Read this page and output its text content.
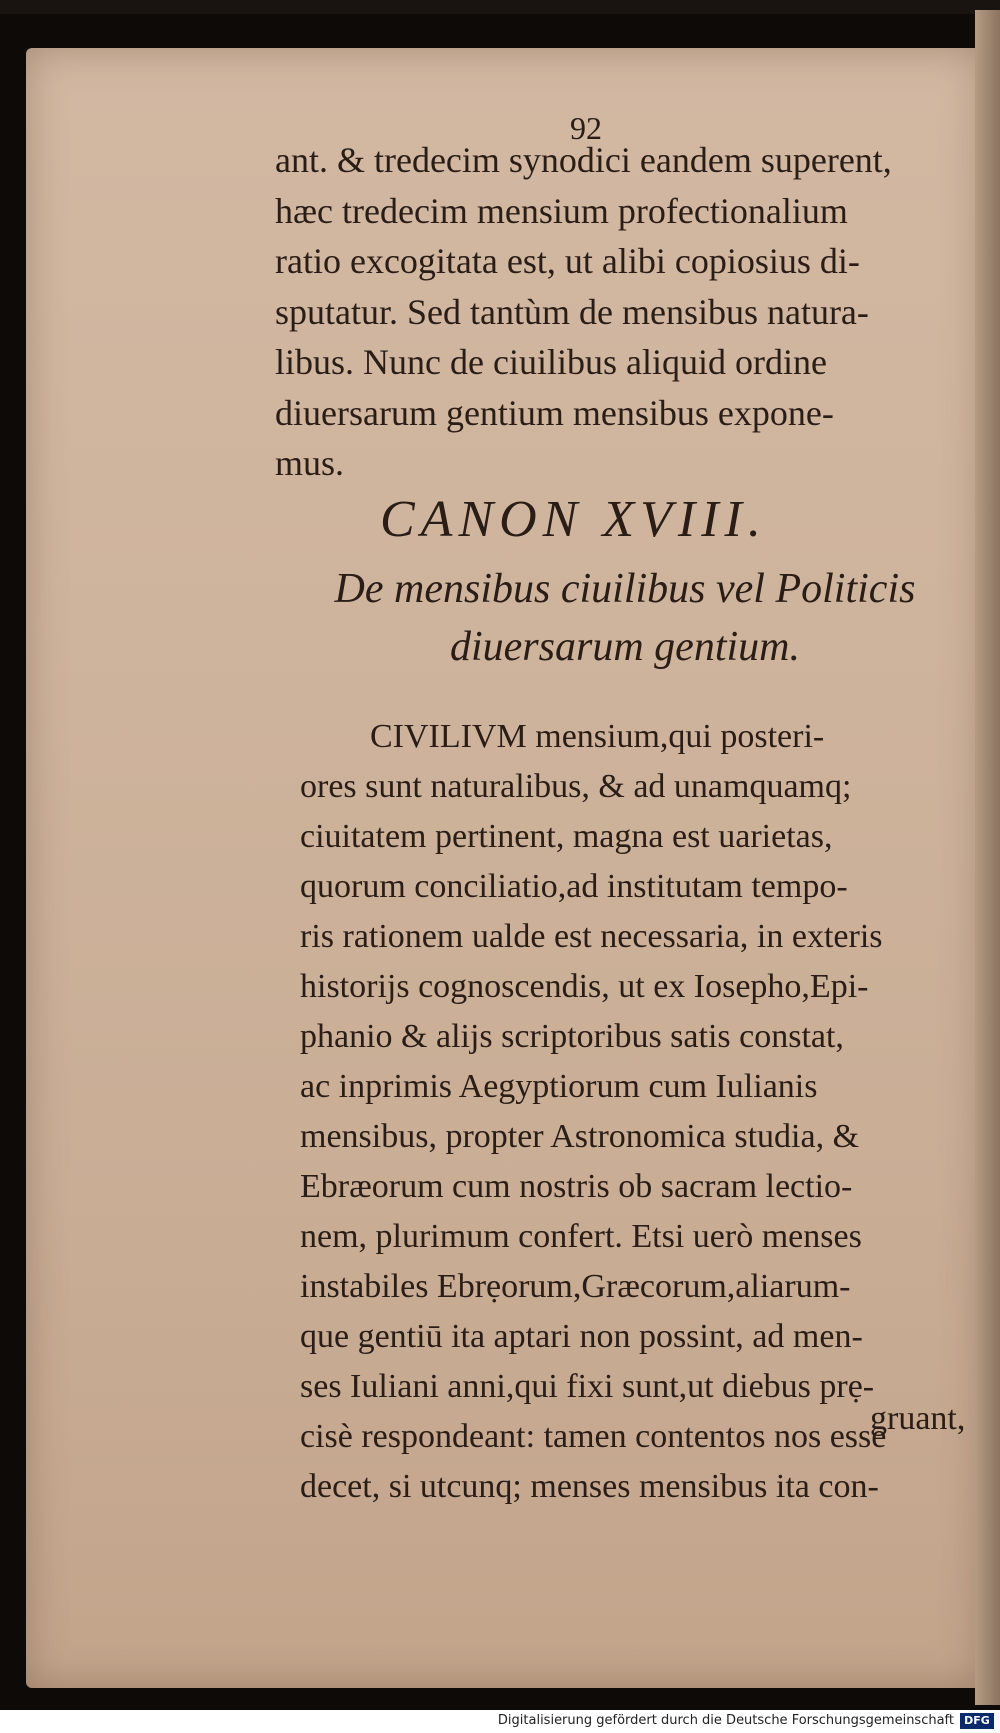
92
ant. & tredecim synodici eandem superent,
hæc tredecim mensium profectionalium
ratio excogitata est, ut alibi copiosius di-
sputatur. Sed tantùm de mensibus natura-
libus. Nunc de ciuilibus aliquid ordine
diuersarum gentium mensibus expone-
mus.
CANON XVIII.
De mensibus ciuilibus vel Politicis
diuersarum gentium.
CIVILIVM mensium,qui posteri-
ores sunt naturalibus, & ad unamquamq;
ciuitatem pertinent, magna est uarietas,
quorum conciliatio,ad institutam tempo-
ris rationem ualde est necessaria, in exteris
historijs cognoscendis, ut ex Iosepho,Epi-
phanio & alijs scriptoribus satis constat,
ac inprimis Aegyptiorum cum Iulianis
mensibus, propter Astronomica studia, &
Ebræorum cum nostris ob sacram lectio-
nem, plurimum confert. Etsi uerò menses
instabiles Ebrẹorum,Græcorum,aliarum-
que gentiū ita aptari non possint, ad men-
ses Iuliani anni,qui fixi sunt,ut diebus prẹ-
cisè respondeant: tamen contentos nos esse
decet, si utcunq; menses mensibus ita con-
gruant,
Digitalisierung gefördert durch die Deutsche Forschungsgemeinschaft DFG
